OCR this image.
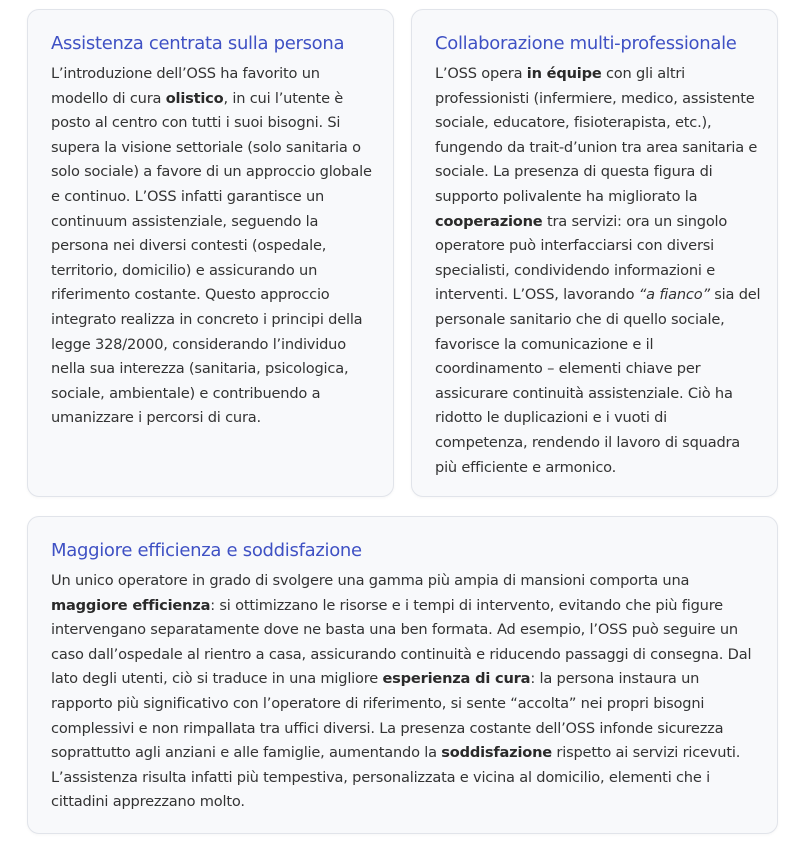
Assistenza centrata sulla persona

L’introduzione dell’OSS ha favorito un modello di cura olistico, in cui l’utente è posto al centro con tutti i suoi bisogni. Si supera la visione settoriale (solo sanitaria o solo sociale) a favore di un approccio globale e continuo. L’OSS infatti garantisce un continuum assistenziale, seguendo la persona nei diversi contesti (ospedale, territorio, domicilio) e assicurando un riferimento costante. Questo approccio integrato realizza in concreto i principi della legge 328/2000, considerando l’individuo nella sua interezza (sanitaria, psicologica, sociale, ambientale) e contribuendo a umanizzare i percorsi di cura.

Collaborazione multi-professionale

L’OSS opera in équipe con gli altri professionisti (infermiere, medico, assistente sociale, educatore, fisioterapista, etc.), fungendo da trait-d’union tra area sanitaria e sociale. La presenza di questa figura di supporto polivalente ha migliorato la cooperazione tra servizi: ora un singolo operatore può interfacciarsi con diversi specialisti, condividendo informazioni e interventi. L’OSS, lavorando “a fianco” sia del personale sanitario che di quello sociale, favorisce la comunicazione e il coordinamento – elementi chiave per assicurare continuità assistenziale. Ciò ha ridotto le duplicazioni e i vuoti di competenza, rendendo il lavoro di squadra più efficiente e armonico.

Maggiore efficienza e soddisfazione

Un unico operatore in grado di svolgere una gamma più ampia di mansioni comporta una maggiore efficienza: si ottimizzano le risorse e i tempi di intervento, evitando che più figure intervengano separatamente dove ne basta una ben formata. Ad esempio, l’OSS può seguire un caso dall’ospedale al rientro a casa, assicurando continuità e riducendo passaggi di consegna. Dal lato degli utenti, ciò si traduce in una migliore esperienza di cura: la persona instaura un rapporto più significativo con l’operatore di riferimento, si sente “accolta” nei propri bisogni complessivi e non rimpallata tra uffici diversi. La presenza costante dell’OSS infonde sicurezza soprattutto agli anziani e alle famiglie, aumentando la soddisfazione rispetto ai servizi ricevuti. L’assistenza risulta infatti più tempestiva, personalizzata e vicina al domicilio, elementi che i cittadini apprezzano molto.
